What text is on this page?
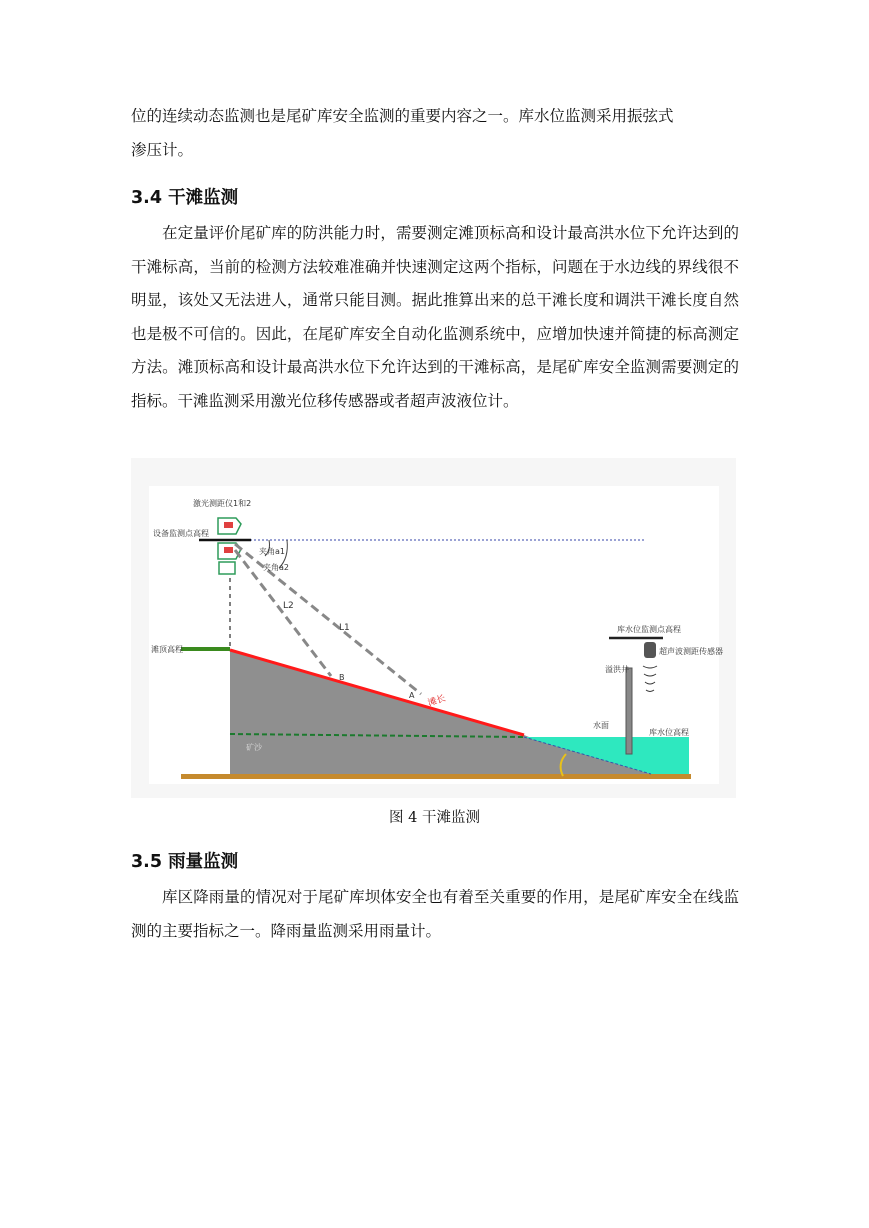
位的连续动态监测也是尾矿库安全监测的重要内容之一。库水位监测采用振弦式
渗压计。

3.4 干滩监测

在定量评价尾矿库的防洪能力时，需要测定滩顶标高和设计最高洪水位下允许达到的干滩标高，当前的检测方法较难准确并快速测定这两个指标，问题在于水边线的界线很不明显，该处又无法进人，通常只能目测。据此推算出来的总干滩长度和调洪干滩长度自然也是极不可信的。因此，在尾矿库安全自动化监测系统中，应增加快速并简捷的标高测定方法。滩顶标高和设计最高洪水位下允许达到的干滩标高，是尾矿库安全监测需要测定的指标。干滩监测采用激光位移传感器或者超声波液位计。

激光测距仪1和2
设备监测点高程
夹角a1
夹角a2
L1
L2
A
B
滩长
滩顶高程
矿沙
库水位监测点高程
超声波测距传感器
溢洪井
水面
库水位高程

图 4 干滩监测

3.5 雨量监测

库区降雨量的情况对于尾矿库坝体安全也有着至关重要的作用，是尾矿库安全在线监测的主要指标之一。降雨量监测采用雨量计。
